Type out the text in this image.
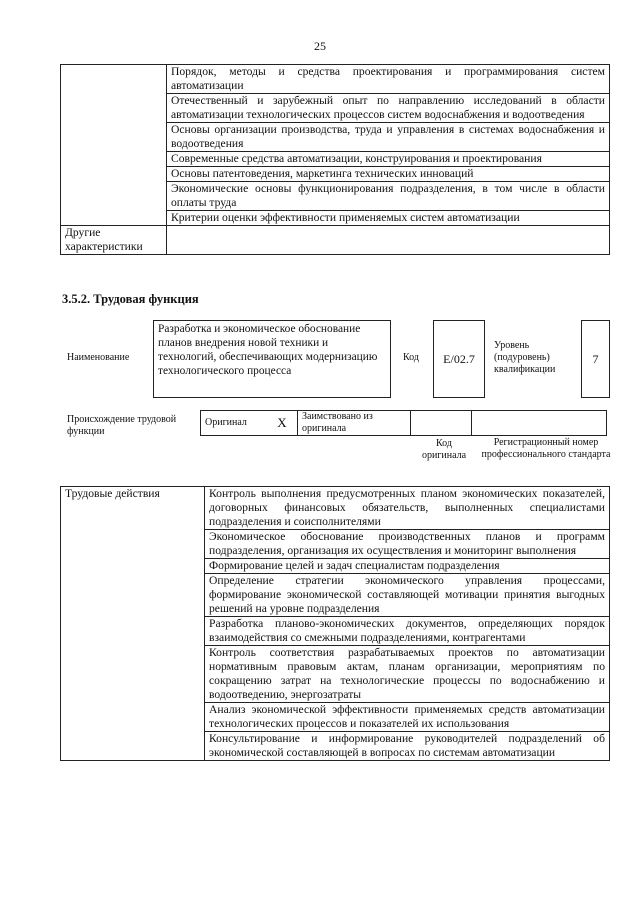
25
	Порядок, методы и средства проектирования и программирования систем автоматизации
	Отечественный и зарубежный опыт по направлению исследований в области автоматизации технологических процессов систем водоснабжения и водоотведения
	Основы организации производства, труда и управления в системах водоснабжения и водоотведения
	Современные средства автоматизации, конструирования и проектирования
	Основы патентоведения, маркетинга технических инноваций
	Экономические основы функционирования подразделения, в том числе в области оплаты труда
	Критерии оценки эффективности применяемых систем автоматизации
Другие характеристики	
3.5.2. Трудовая функция
Наименование
Разработка и экономическое обоснование планов внедрения новой техники и технологий, обеспечивающих модернизацию технологического процесса
Код	E/02.7
Уровень (подуровень) квалификации
7
Происхождение трудовой функции
Оригинал	X	Заимствовано из оригинала		
Код оригинала
Регистрационный номер профессионального стандарта
Трудовые действия	Контроль выполнения предусмотренных планом экономических показателей, договорных финансовых обязательств, выполненных специалистами подразделения и соисполнителями
Экономическое обоснование производственных планов и программ подразделения, организация их осуществления и мониторинг выполнения
Формирование целей и задач специалистам подразделения
Определение стратегии экономического управления процессами, формирование экономической составляющей мотивации принятия выгодных решений на уровне подразделения
Разработка планово-экономических документов, определяющих порядок взаимодействия со смежными подразделениями, контрагентами
Контроль соответствия разрабатываемых проектов по автоматизации нормативным правовым актам, планам организации, мероприятиям по сокращению затрат на технологические процессы по водоснабжению и водоотведению, энергозатраты
Анализ экономической эффективности применяемых средств автоматизации технологических процессов и показателей их использования
Консультирование и информирование руководителей подразделений об экономической составляющей в вопросах по системам автоматизации
